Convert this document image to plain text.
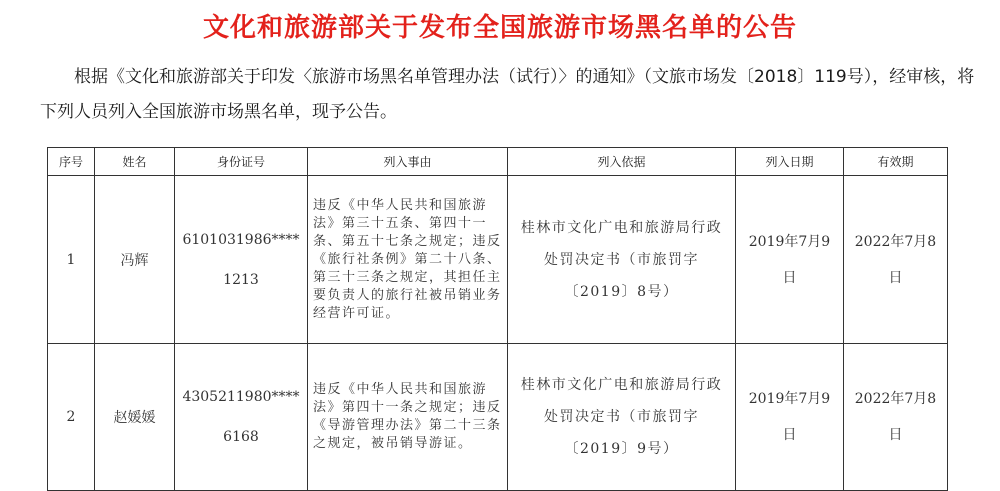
文化和旅游部关于发布全国旅游市场黑名单的公告
根据《文化和旅游部关于印发〈旅游市场黑名单管理办法（试行）〉的通知》（文旅市场发〔2018〕119号），经审核，将下列人员列入全国旅游市场黑名单，现予公告。
序号	姓名	身份证号	列入事由	列入依据	列入日期	有效期
1	冯辉	6101031986****1213	违反《中华人民共和国旅游法》第三十五条、第四十一条、第五十七条之规定；违反《旅行社条例》第二十八条、第三十三条之规定，其担任主要负责人的旅行社被吊销业务经营许可证。	桂林市文化广电和旅游局行政处罚决定书（市旅罚字〔2019〕8号）	2019年7月9日	2022年7月8日
2	赵媛媛	4305211980****6168	违反《中华人民共和国旅游法》第四十一条之规定；违反《导游管理办法》第二十三条之规定，被吊销导游证。	桂林市文化广电和旅游局行政处罚决定书（市旅罚字〔2019〕9号）	2019年7月9日	2022年7月8日
